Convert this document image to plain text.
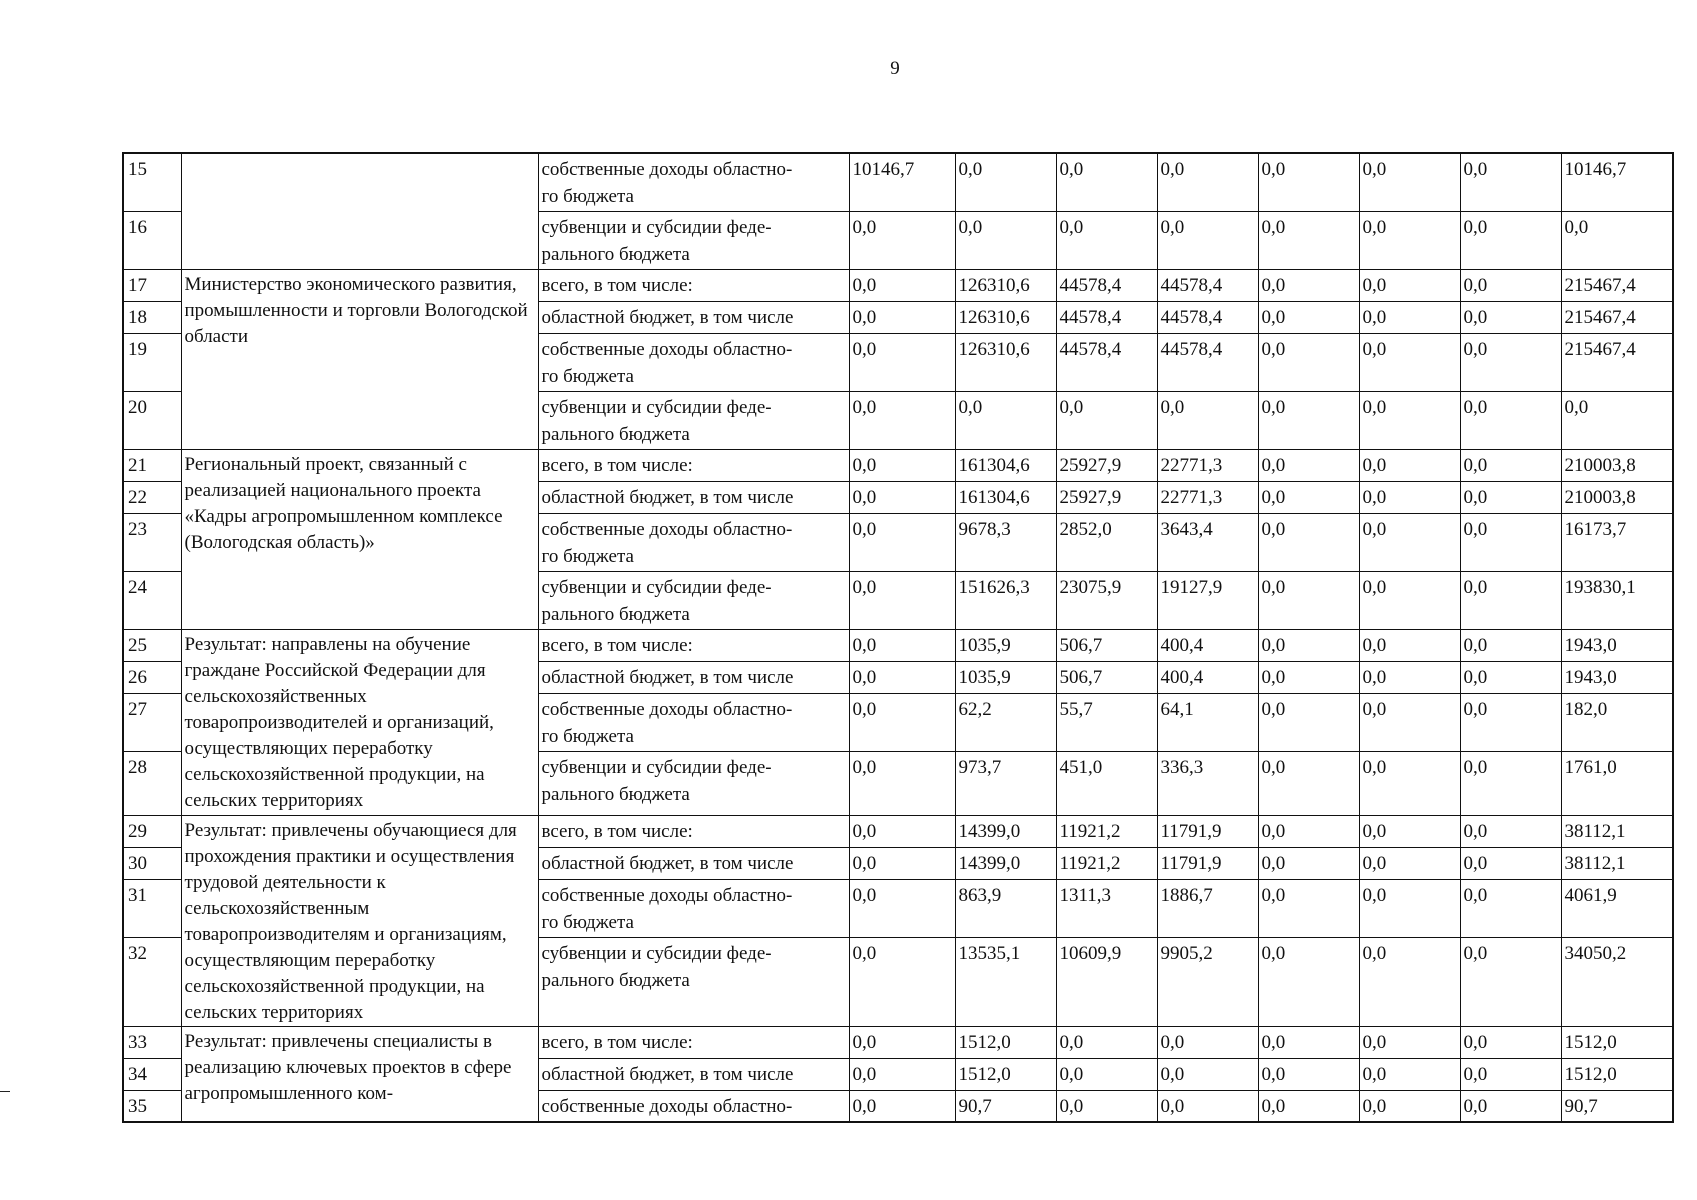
9
15		собственные доходы областно-
го бюджета	10146,7	0,0	0,0	0,0	0,0	0,0	0,0	10146,7
16		субвенции и субсидии феде-
рального бюджета	0,0	0,0	0,0	0,0	0,0	0,0	0,0	0,0
17	Министерство экономического развития, промышленности и торговли Вологодской области	всего, в том числе:	0,0	126310,6	44578,4	44578,4	0,0	0,0	0,0	215467,4
18		областной бюджет, в том числе	0,0	126310,6	44578,4	44578,4	0,0	0,0	0,0	215467,4
19		собственные доходы областно-
го бюджета	0,0	126310,6	44578,4	44578,4	0,0	0,0	0,0	215467,4
20		субвенции и субсидии феде-
рального бюджета	0,0	0,0	0,0	0,0	0,0	0,0	0,0	0,0
21	Региональный проект, связанный с реализацией национального проекта «Кадры агропромышленном комплексе (Вологодская область)»	всего, в том числе:	0,0	161304,6	25927,9	22771,3	0,0	0,0	0,0	210003,8
22		областной бюджет, в том числе	0,0	161304,6	25927,9	22771,3	0,0	0,0	0,0	210003,8
23		собственные доходы областно-
го бюджета	0,0	9678,3	2852,0	3643,4	0,0	0,0	0,0	16173,7
24		субвенции и субсидии феде-
рального бюджета	0,0	151626,3	23075,9	19127,9	0,0	0,0	0,0	193830,1
25	Результат: направлены на обучение граждане Российской Федерации для сельскохозяйственных товаропроизводителей и организаций, осуществляющих переработку сельскохозяйственной продукции, на сельских территориях	всего, в том числе:	0,0	1035,9	506,7	400,4	0,0	0,0	0,0	1943,0
26		областной бюджет, в том числе	0,0	1035,9	506,7	400,4	0,0	0,0	0,0	1943,0
27		собственные доходы областно-
го бюджета	0,0	62,2	55,7	64,1	0,0	0,0	0,0	182,0
28		субвенции и субсидии феде-
рального бюджета	0,0	973,7	451,0	336,3	0,0	0,0	0,0	1761,0
29	Результат: привлечены обучающиеся для прохождения практики и осуществления трудовой деятельности к сельскохозяйственным товаропроизводителям и организациям, осуществляющим переработку сельскохозяйственной продукции, на сельских территориях	всего, в том числе:	0,0	14399,0	11921,2	11791,9	0,0	0,0	0,0	38112,1
30		областной бюджет, в том числе	0,0	14399,0	11921,2	11791,9	0,0	0,0	0,0	38112,1
31		собственные доходы областно-
го бюджета	0,0	863,9	1311,3	1886,7	0,0	0,0	0,0	4061,9
32		субвенции и субсидии феде-
рального бюджета	0,0	13535,1	10609,9	9905,2	0,0	0,0	0,0	34050,2
33	Результат: привлечены специалисты в реализацию ключевых проектов в сфере агропромышленного ком-	всего, в том числе:	0,0	1512,0	0,0	0,0	0,0	0,0	0,0	1512,0
34		областной бюджет, в том числе	0,0	1512,0	0,0	0,0	0,0	0,0	0,0	1512,0
35		собственные доходы областно-	0,0	90,7	0,0	0,0	0,0	0,0	0,0	90,7
